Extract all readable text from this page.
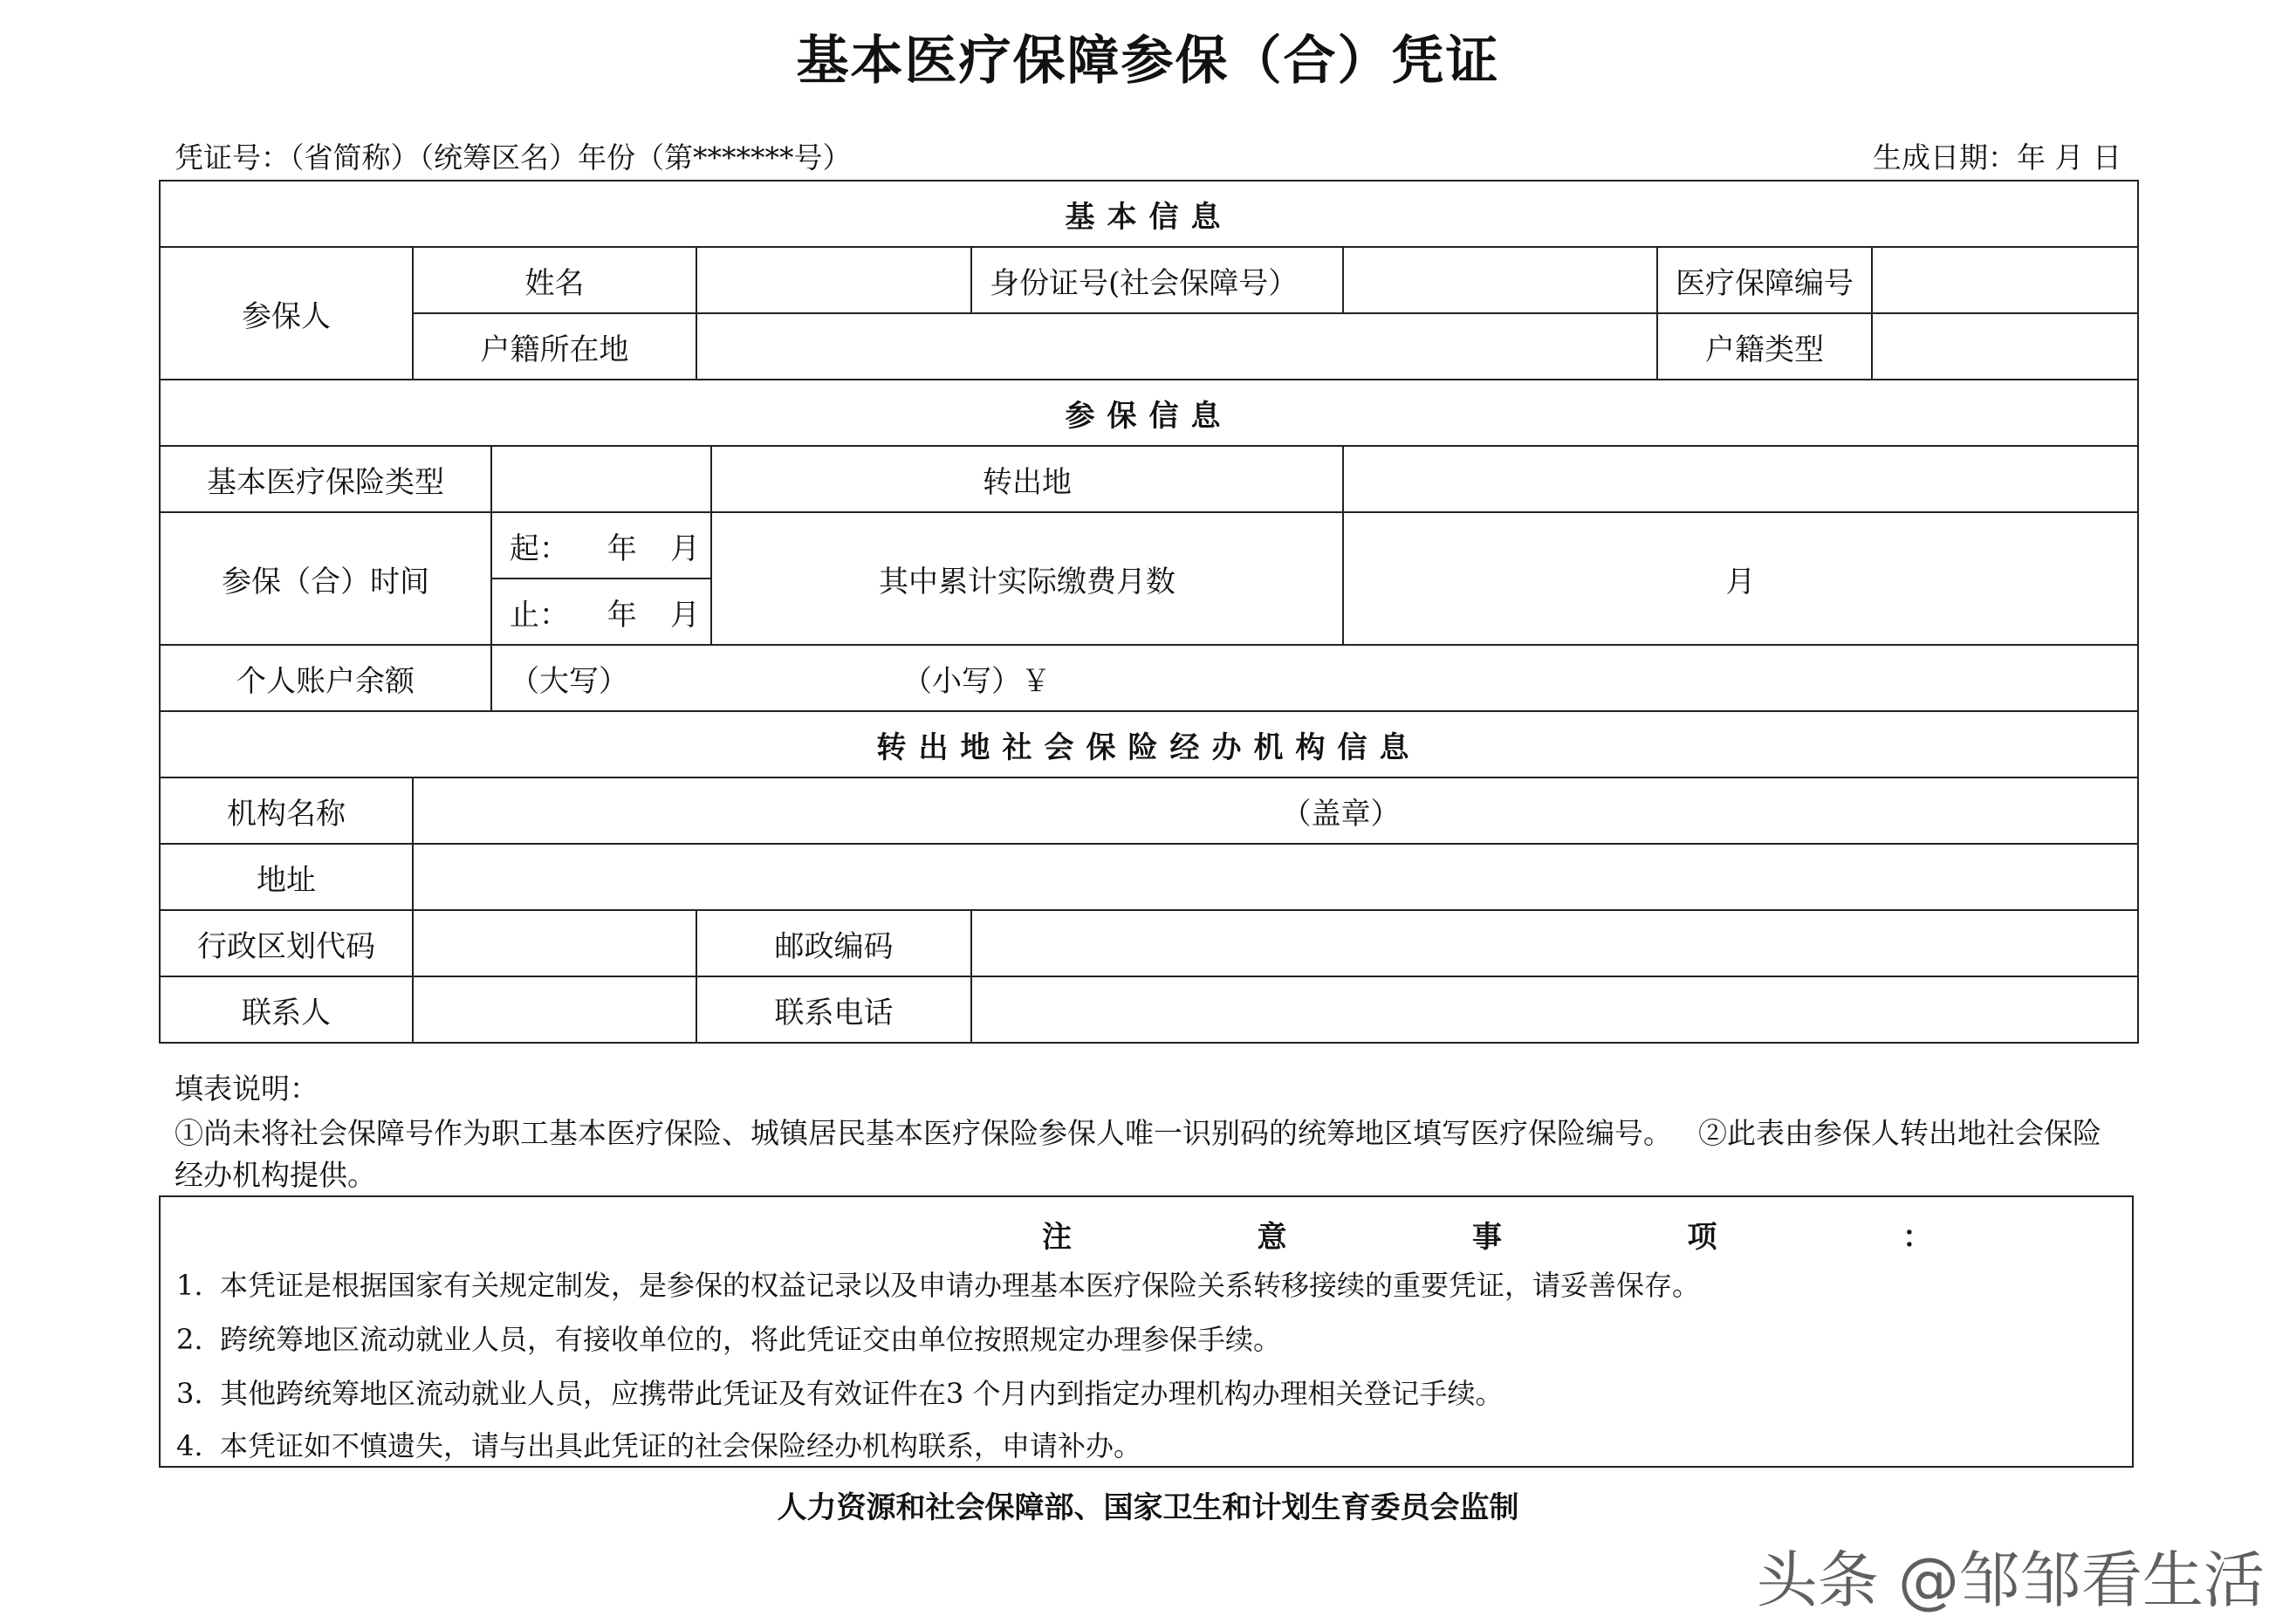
基本医疗保障参保（合）凭证
凭证号：（省简称）（统筹区名）年份（第*******号）	生成日期：年 月 日
基本信息								
参保人	姓名				身份证号(社会保障号）		医疗保障编号	
	户籍所在地						户籍类型	
参保信息								
基本医疗保险类型				转出地				
参保（合）时间		起： 年 月		其中累计实际缴费月数		月		

		止： 年 月						

个人账户余额		（大写） （小写）￥						

转出地社会保险经办机构信息								
机构名称	（盖章）							
地址								
行政区划代码			邮政编码					
联系人			联系电话					
填表说明：
①尚未将社会保障号作为职工基本医疗保险、城镇居民基本医疗保险参保人唯一识别码的统筹地区填写医疗保险编号。 ②此表由参保人转出地社会保险经办机构提供。
注	意	事	项	：
1. 本凭证是根据国家有关规定制发，是参保的权益记录以及申请办理基本医疗保险关系转移接续的重要凭证，请妥善保存。
2. 跨统筹地区流动就业人员，有接收单位的，将此凭证交由单位按照规定办理参保手续。
3. 其他跨统筹地区流动就业人员，应携带此凭证及有效证件在3 个月内到指定办理机构办理相关登记手续。
4. 本凭证如不慎遗失，请与出具此凭证的社会保险经办机构联系，申请补办。
人力资源和社会保障部、国家卫生和计划生育委员会监制
头条 @邹邹看生活
